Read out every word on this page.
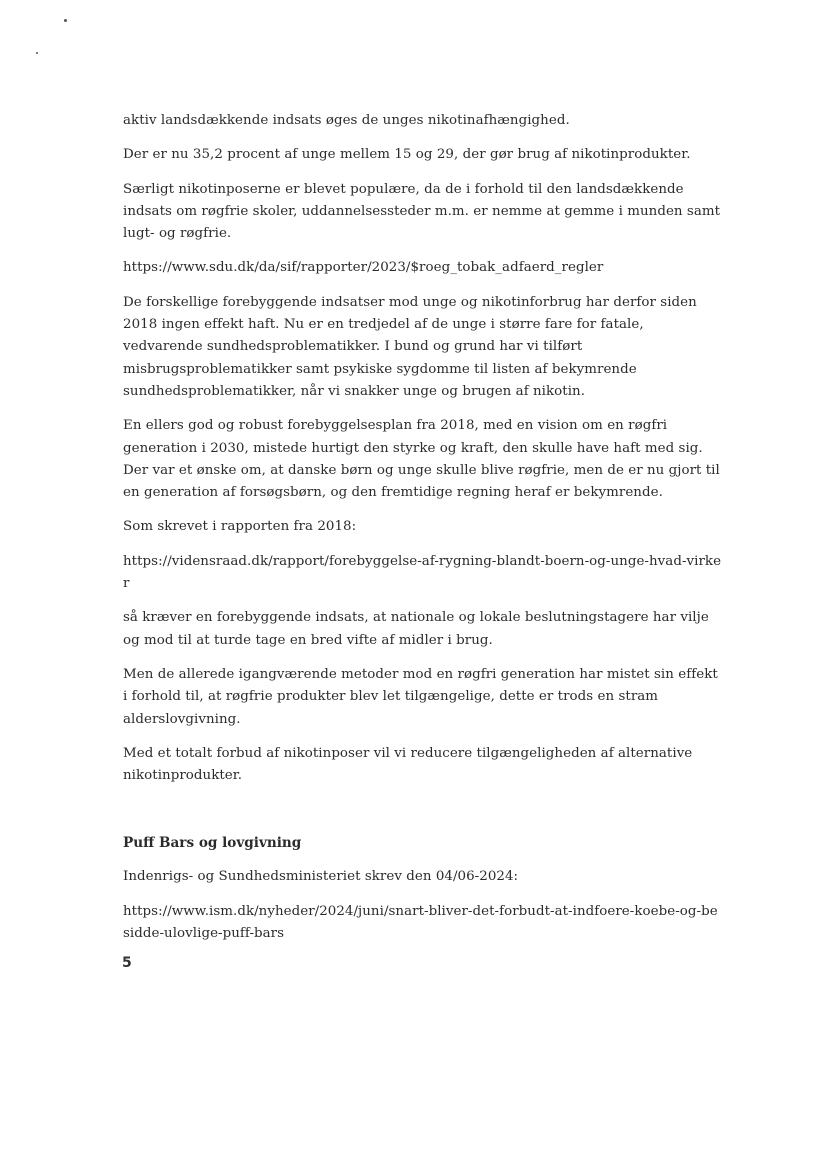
aktiv landsdækkende indsats øges de unges nikotinafhængighed.

Der er nu 35,2 procent af unge mellem 15 og 29, der gør brug af nikotinprodukter.

Særligt nikotinposerne er blevet populære, da de i forhold til den landsdækkende indsats om røgfrie skoler, uddannelsessteder m.m. er nemme at gemme i munden samt lugt- og røgfrie.

https://www.sdu.dk/da/sif/rapporter/2023/$roeg_tobak_adfaerd_regler

De forskellige forebyggende indsatser mod unge og nikotinforbrug har derfor siden 2018 ingen effekt haft. Nu er en tredjedel af de unge i større fare for fatale, vedvarende sundhedsproblematikker. I bund og grund har vi tilført misbrugsproblematikker samt psykiske sygdomme til listen af bekymrende sundhedsproblematikker, når vi snakker unge og brugen af nikotin.

En ellers god og robust forebyggelsesplan fra 2018, med en vision om en røgfri generation i 2030, mistede hurtigt den styrke og kraft, den skulle have haft med sig. Der var et ønske om, at danske børn og unge skulle blive røgfrie, men de er nu gjort til en generation af forsøgsbørn, og den fremtidige regning heraf er bekymrende.

Som skrevet i rapporten fra 2018:

https://vidensraad.dk/rapport/forebyggelse-af-rygning-blandt-boern-og-unge-hvad-virker

så kræver en forebyggende indsats, at nationale og lokale beslutningstagere har vilje og mod til at turde tage en bred vifte af midler i brug.

Men de allerede igangværende metoder mod en røgfri generation har mistet sin effekt i forhold til, at røgfrie produkter blev let tilgængelige, dette er trods en stram alderslovgivning.

Med et totalt forbud af nikotinposer vil vi reducere tilgængeligheden af alternative nikotinprodukter.

Puff Bars og lovgivning

Indenrigs- og Sundhedsministeriet skrev den 04/06-2024:

https://www.ism.dk/nyheder/2024/juni/snart-bliver-det-forbudt-at-indfoere-koebe-og-besidde-ulovlige-puff-bars

5
